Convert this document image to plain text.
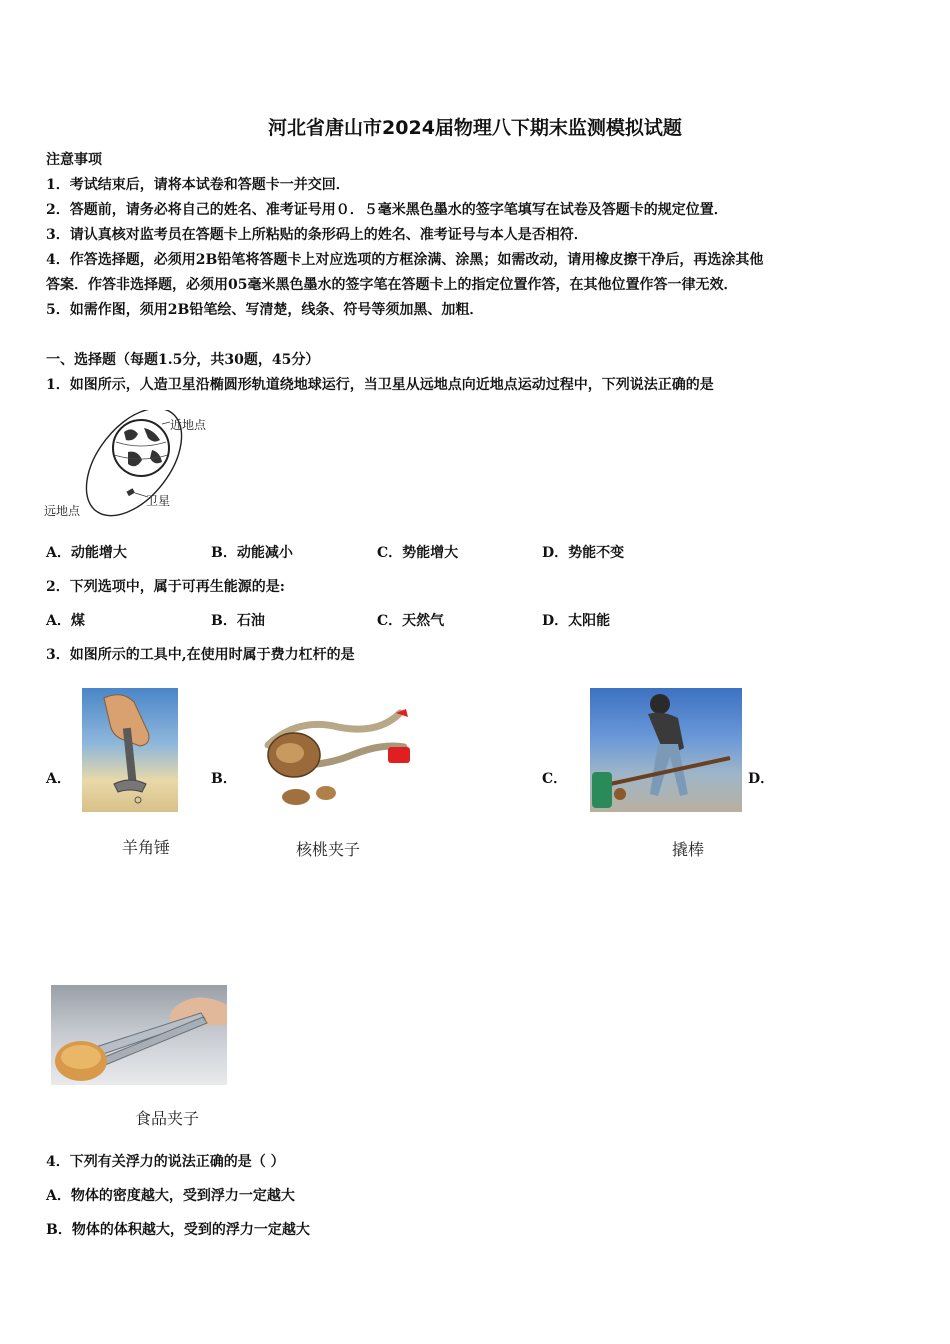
河北省唐山市2024届物理八下期末监测模拟试题
注意事项
1．考试结束后，请将本试卷和答题卡一并交回．
2．答题前，请务必将自己的姓名、准考证号用０．５毫米黑色墨水的签字笔填写在试卷及答题卡的规定位置．
3．请认真核对监考员在答题卡上所粘贴的条形码上的姓名、准考证号与本人是否相符．
4．作答选择题，必须用2B铅笔将答题卡上对应选项的方框涂满、涂黑；如需改动，请用橡皮擦干净后，再选涂其他
答案．作答非选择题，必须用05毫米黑色墨水的签字笔在答题卡上的指定位置作答，在其他位置作答一律无效．
5．如需作图，须用2B铅笔绘、写清楚，线条、符号等须加黑、加粗．
一、选择题（每题1.5分，共30题，45分）
1．如图所示，人造卫星沿椭圆形轨道绕地球运行，当卫星从远地点向近地点运动过程中，下列说法正确的是
近地点
远地点
卫星
A．动能增大	B．动能减小	C．势能增大	D．势能不变
2．下列选项中，属于可再生能源的是:
A．煤	B．石油	C．天然气	D．太阳能
3．如图所示的工具中,在使用时属于费力杠杆的是
A．
羊角锤
B．
核桃夹子
C．	D．
撬棒
食品夹子
4．下列有关浮力的说法正确的是（ ）
A．物体的密度越大，受到浮力一定越大
B．物体的体积越大，受到的浮力一定越大
